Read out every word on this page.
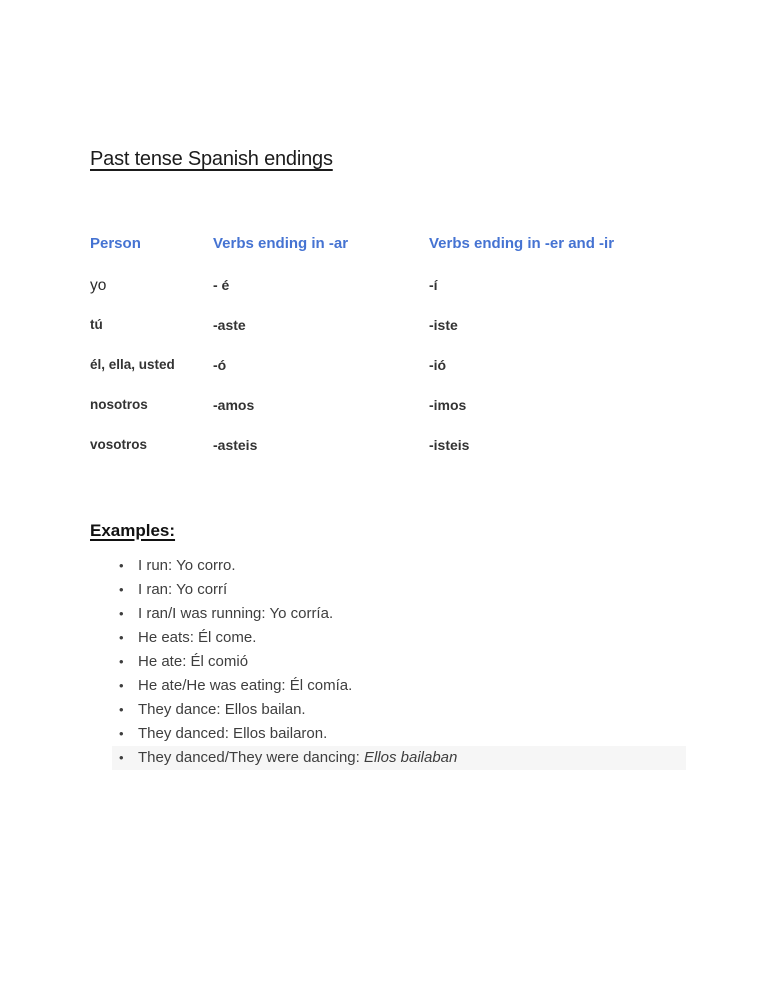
Past tense Spanish endings
Person	Verbs ending in -ar	Verbs ending in -er and -ir
yo	- é	-í
tú	-aste	-iste
él, ella, usted	-ó	-ió
nosotros	-amos	-imos
vosotros	-asteis	-isteis
Examples:
• I run: Yo corro.
• I ran: Yo corrí
• I ran/I was running: Yo corría.
• He eats: Él come.
• He ate: Él comió
• He ate/He was eating: Él comía.
• They dance: Ellos bailan.
• They danced: Ellos bailaron.
• They danced/They were dancing: Ellos bailaban
